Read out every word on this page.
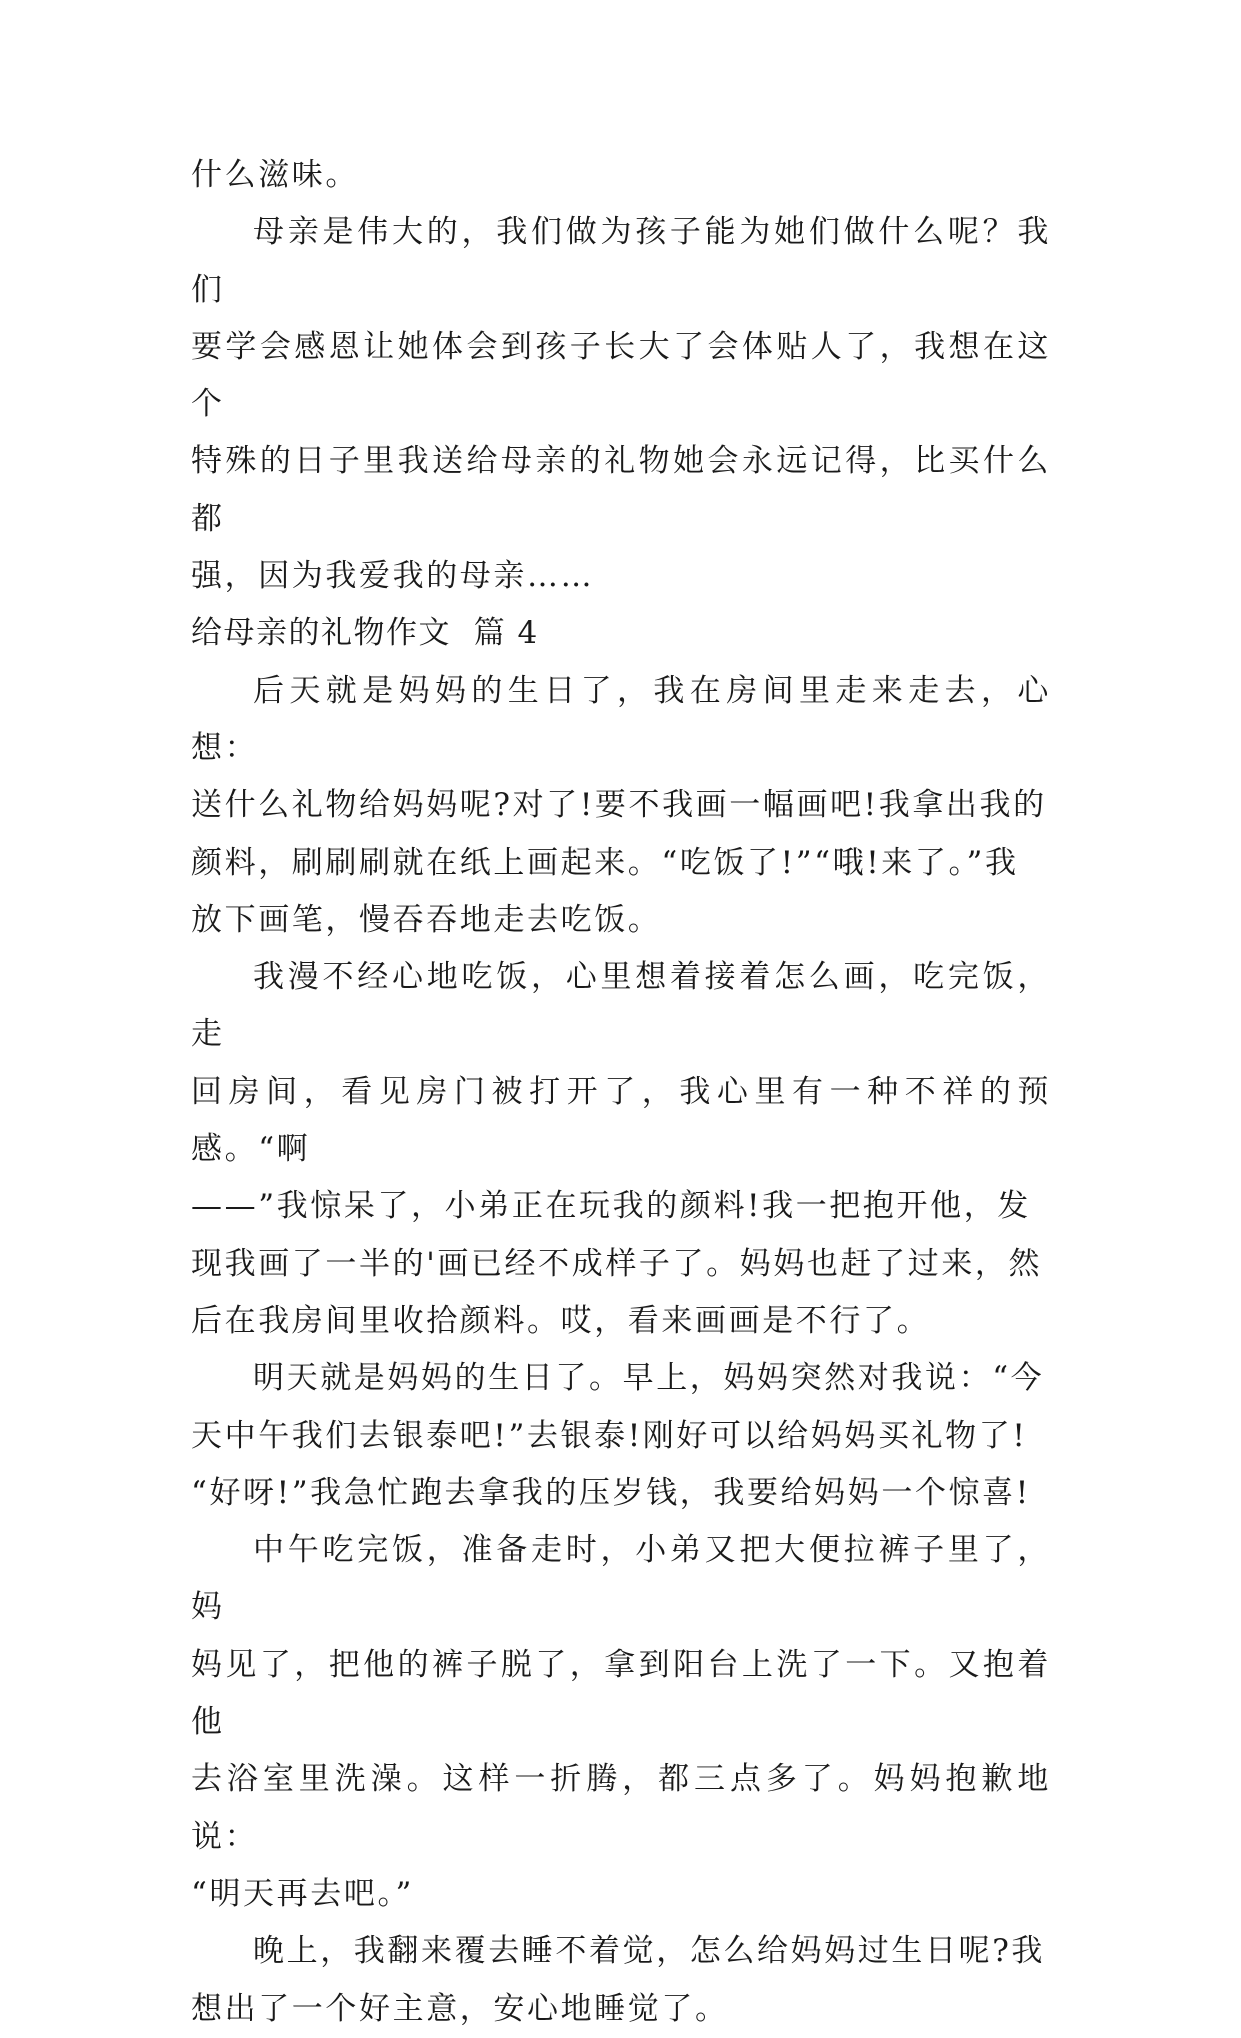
什么滋味。

母亲是伟大的，我们做为孩子能为她们做什么呢？我们
要学会感恩让她体会到孩子长大了会体贴人了，我想在这个
特殊的日子里我送给母亲的礼物她会永远记得，比买什么都
强，因为我爱我的母亲……

给母亲的礼物作文  篇 4

后天就是妈妈的生日了，我在房间里走来走去，心想：
送什么礼物给妈妈呢?对了!要不我画一幅画吧!我拿出我的
颜料，刷刷刷就在纸上画起来。“吃饭了!”“哦!来了。”我
放下画笔，慢吞吞地走去吃饭。

我漫不经心地吃饭，心里想着接着怎么画，吃完饭，走
回房间，看见房门被打开了，我心里有一种不祥的预感。“啊
——”我惊呆了，小弟正在玩我的颜料!我一把抱开他，发
现我画了一半的'画已经不成样子了。妈妈也赶了过来，然
后在我房间里收拾颜料。哎，看来画画是不行了。

明天就是妈妈的生日了。早上，妈妈突然对我说：“今
天中午我们去银泰吧!”去银泰!刚好可以给妈妈买礼物了!
“好呀!”我急忙跑去拿我的压岁钱，我要给妈妈一个惊喜!

中午吃完饭，准备走时，小弟又把大便拉裤子里了，妈
妈见了，把他的裤子脱了，拿到阳台上洗了一下。又抱着他
去浴室里洗澡。这样一折腾，都三点多了。妈妈抱歉地说：
“明天再去吧。”

晚上，我翻来覆去睡不着觉，怎么给妈妈过生日呢?我
想出了一个好主意，安心地睡觉了。
